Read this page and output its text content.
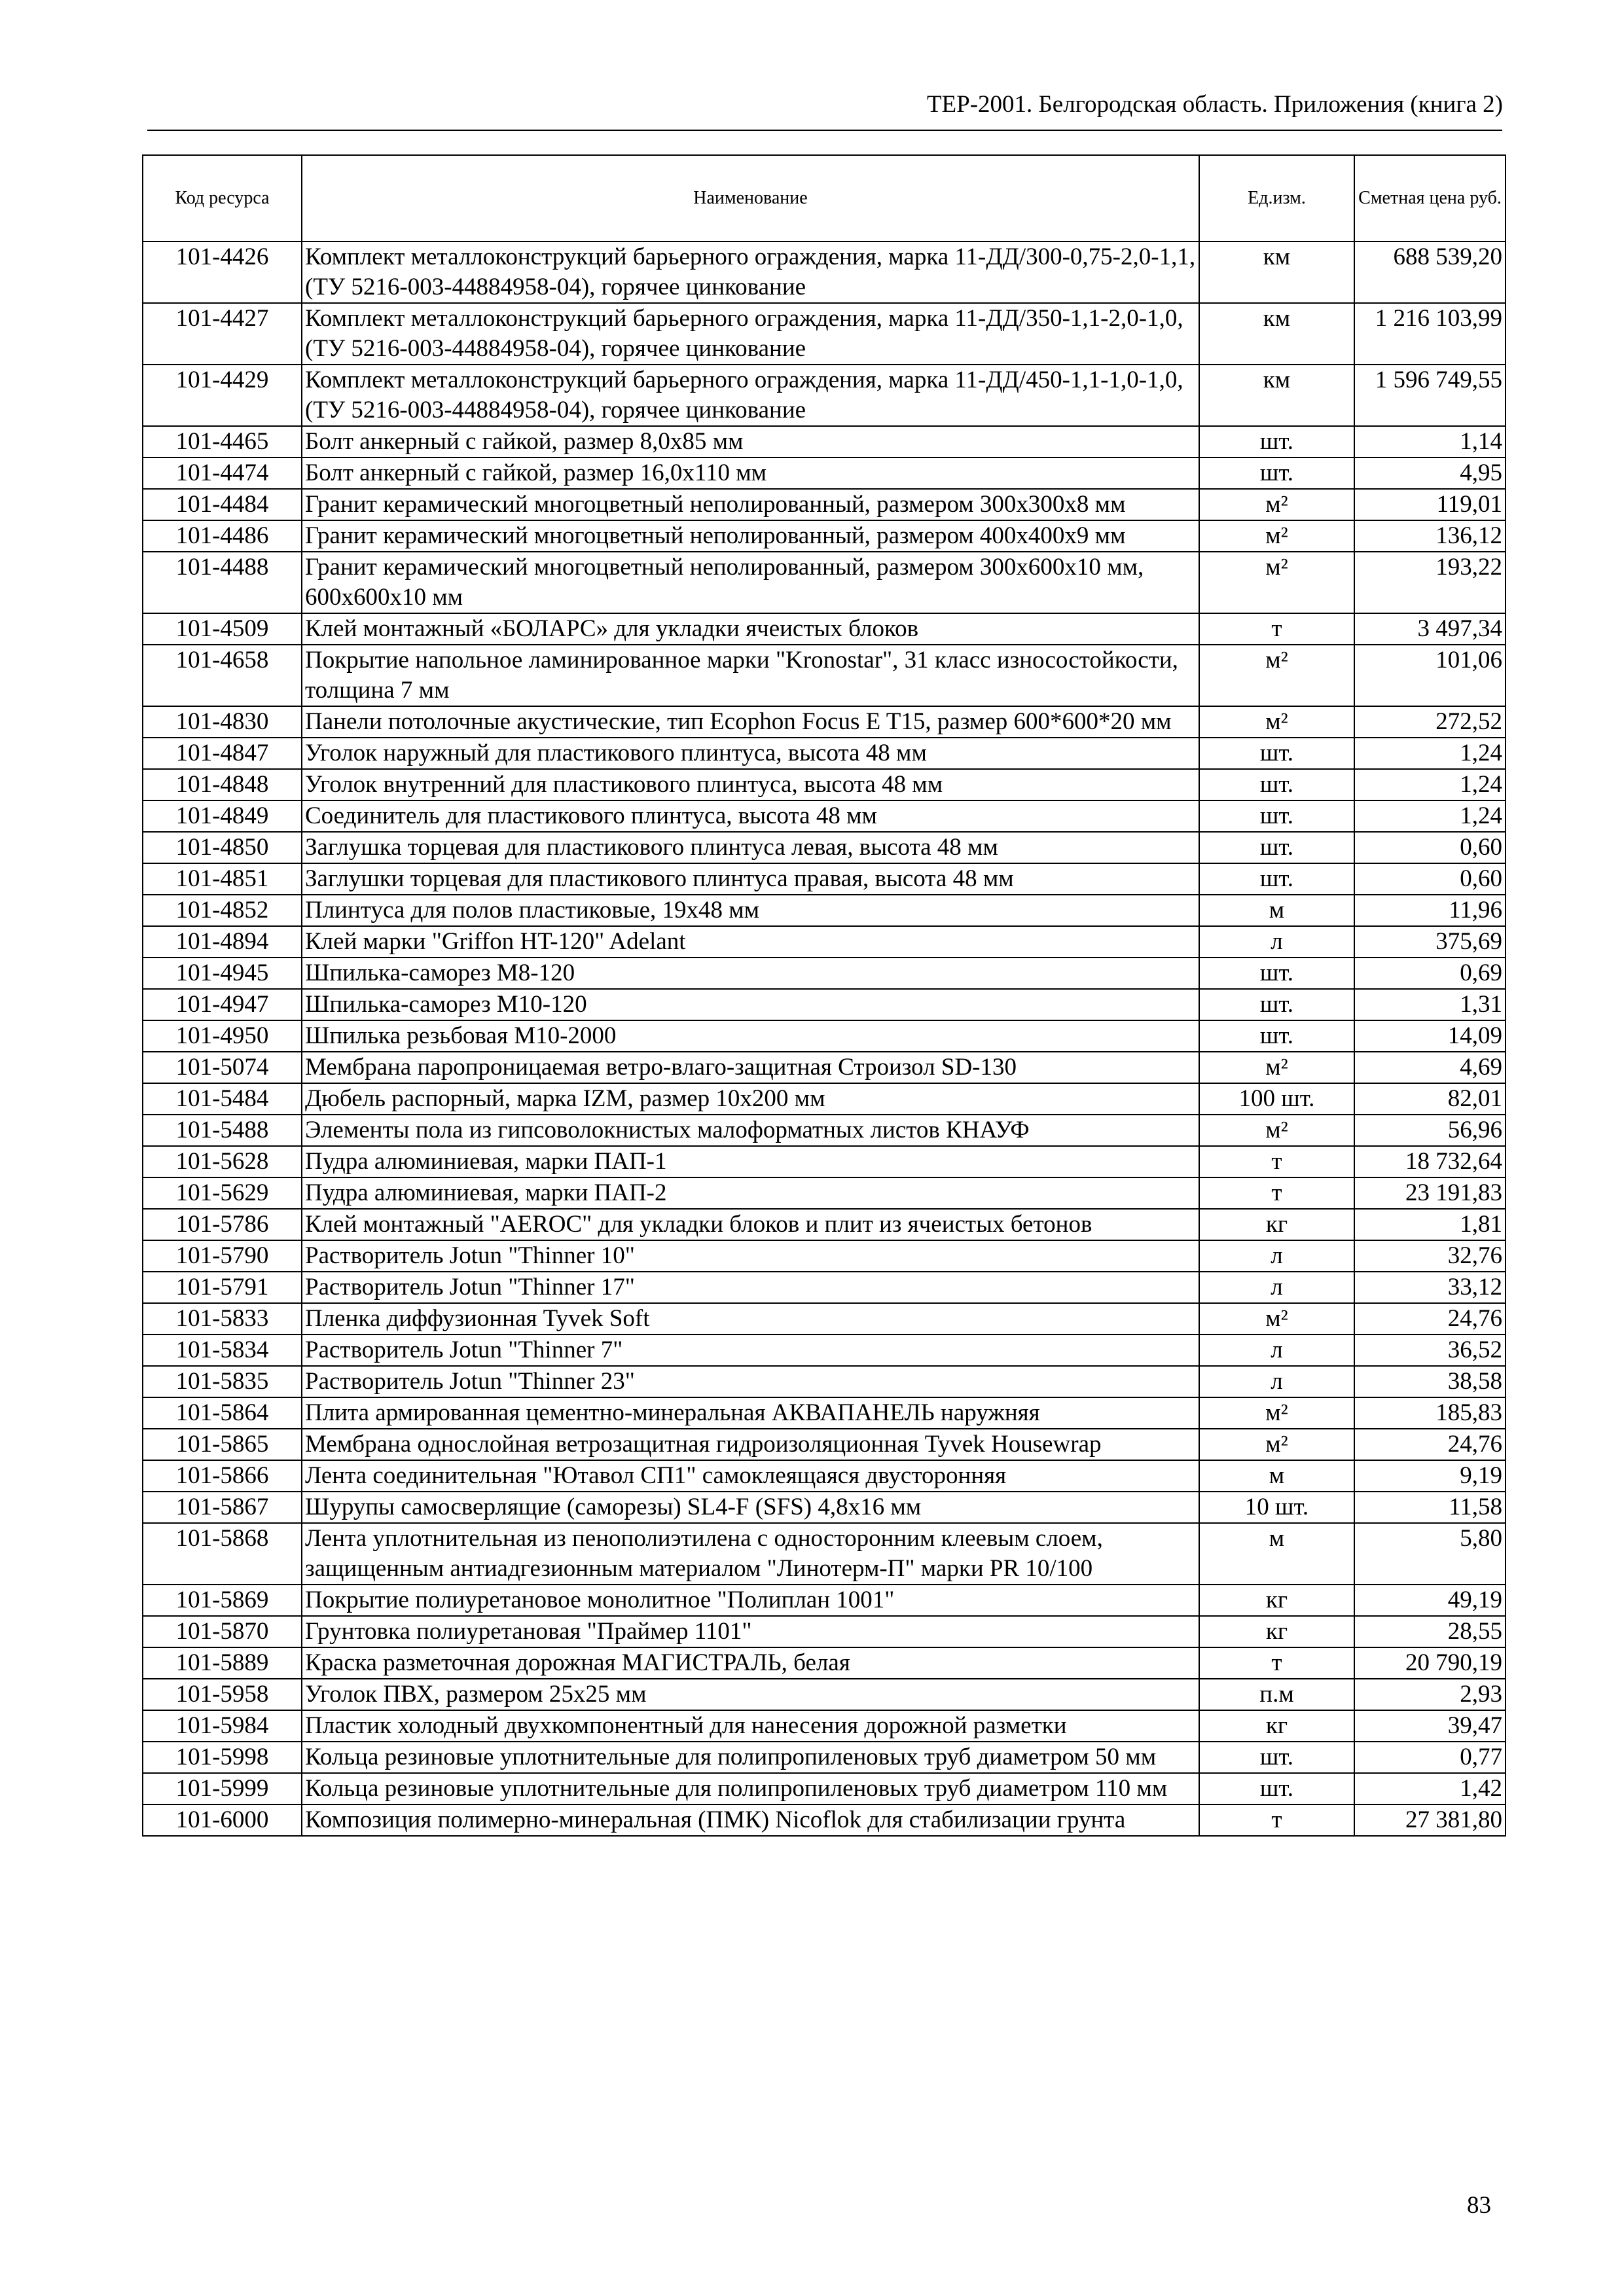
ТЕР-2001. Белгородская область. Приложения (книга 2)
Код ресурса	Наименование	Ед.изм.	Сметная цена руб.
101-4426	Комплект металлоконструкций барьерного ограждения, марка 11-ДД/300-0,75-2,0-1,1, (ТУ 5216-003-44884958-04), горячее цинкование	км	688 539,20
101-4427	Комплект металлоконструкций барьерного ограждения, марка 11-ДД/350-1,1-2,0-1,0, (ТУ 5216-003-44884958-04), горячее цинкование	км	1 216 103,99
101-4429	Комплект металлоконструкций барьерного ограждения, марка 11-ДД/450-1,1-1,0-1,0, (ТУ 5216-003-44884958-04), горячее цинкование	км	1 596 749,55
101-4465	Болт анкерный с гайкой, размер 8,0х85 мм	шт.	1,14
101-4474	Болт анкерный с гайкой, размер 16,0х110 мм	шт.	4,95
101-4484	Гранит керамический многоцветный неполированный, размером 300х300х8 мм	м²	119,01
101-4486	Гранит керамический многоцветный неполированный, размером 400х400х9 мм	м²	136,12
101-4488	Гранит керамический многоцветный неполированный, размером 300х600х10 мм, 600х600х10 мм	м²	193,22
101-4509	Клей монтажный «БОЛАРС» для укладки ячеистых блоков	т	3 497,34
101-4658	Покрытие напольное ламинированное марки "Kronostar", 31 класс износостойкости, толщина 7 мм	м²	101,06
101-4830	Панели потолочные акустические, тип Ecophon Focus E T15, размер 600*600*20 мм	м²	272,52
101-4847	Уголок наружный для пластикового плинтуса, высота 48 мм	шт.	1,24
101-4848	Уголок внутренний для пластикового плинтуса, высота 48 мм	шт.	1,24
101-4849	Соединитель для пластикового плинтуса, высота 48 мм	шт.	1,24
101-4850	Заглушка торцевая для пластикового плинтуса левая, высота 48 мм	шт.	0,60
101-4851	Заглушки торцевая для пластикового плинтуса правая, высота 48 мм	шт.	0,60
101-4852	Плинтуса для полов пластиковые, 19х48 мм	м	11,96
101-4894	Клей марки "Griffon HT-120" Adelant	л	375,69
101-4945	Шпилька-саморез М8-120	шт.	0,69
101-4947	Шпилька-саморез М10-120	шт.	1,31
101-4950	Шпилька резьбовая М10-2000	шт.	14,09
101-5074	Мембрана паропроницаемая ветро-влаго-защитная Строизол SD-130	м²	4,69
101-5484	Дюбель распорный, марка IZM, размер 10х200 мм	100 шт.	82,01
101-5488	Элементы пола из гипсоволокнистых малоформатных листов КНАУФ	м²	56,96
101-5628	Пудра алюминиевая, марки ПАП-1	т	18 732,64
101-5629	Пудра алюминиевая, марки ПАП-2	т	23 191,83
101-5786	Клей монтажный "AEROC" для укладки блоков и плит из ячеистых бетонов	кг	1,81
101-5790	Растворитель Jotun "Thinner 10"	л	32,76
101-5791	Растворитель Jotun "Thinner 17"	л	33,12
101-5833	Пленка диффузионная Tyvek Soft	м²	24,76
101-5834	Растворитель Jotun "Thinner 7"	л	36,52
101-5835	Растворитель Jotun "Thinner 23"	л	38,58
101-5864	Плита армированная цементно-минеральная АКВАПАНЕЛЬ наружняя	м²	185,83
101-5865	Мембрана однослойная ветрозащитная гидроизоляционная Tyvek Housewrap	м²	24,76
101-5866	Лента соединительная "Ютавол СП1" самоклеящаяся двусторонняя	м	9,19
101-5867	Шурупы самосверлящие (саморезы) SL4-F (SFS) 4,8х16 мм	10 шт.	11,58
101-5868	Лента уплотнительная из пенополиэтилена с односторонним клеевым слоем, защищенным антиадгезионным материалом "Линотерм-П" марки PR 10/100	м	5,80
101-5869	Покрытие полиуретановое монолитное "Полиплан 1001"	кг	49,19
101-5870	Грунтовка полиуретановая "Праймер 1101"	кг	28,55
101-5889	Краска разметочная дорожная МАГИСТРАЛЬ, белая	т	20 790,19
101-5958	Уголок ПВХ, размером 25х25 мм	п.м	2,93
101-5984	Пластик холодный двухкомпонентный для нанесения дорожной разметки	кг	39,47
101-5998	Кольца резиновые уплотнительные для полипропиленовых труб диаметром 50 мм	шт.	0,77
101-5999	Кольца резиновые уплотнительные для полипропиленовых труб диаметром 110 мм	шт.	1,42
101-6000	Композиция полимерно-минеральная (ПМК) Nicoflok для стабилизации грунта	т	27 381,80
83
